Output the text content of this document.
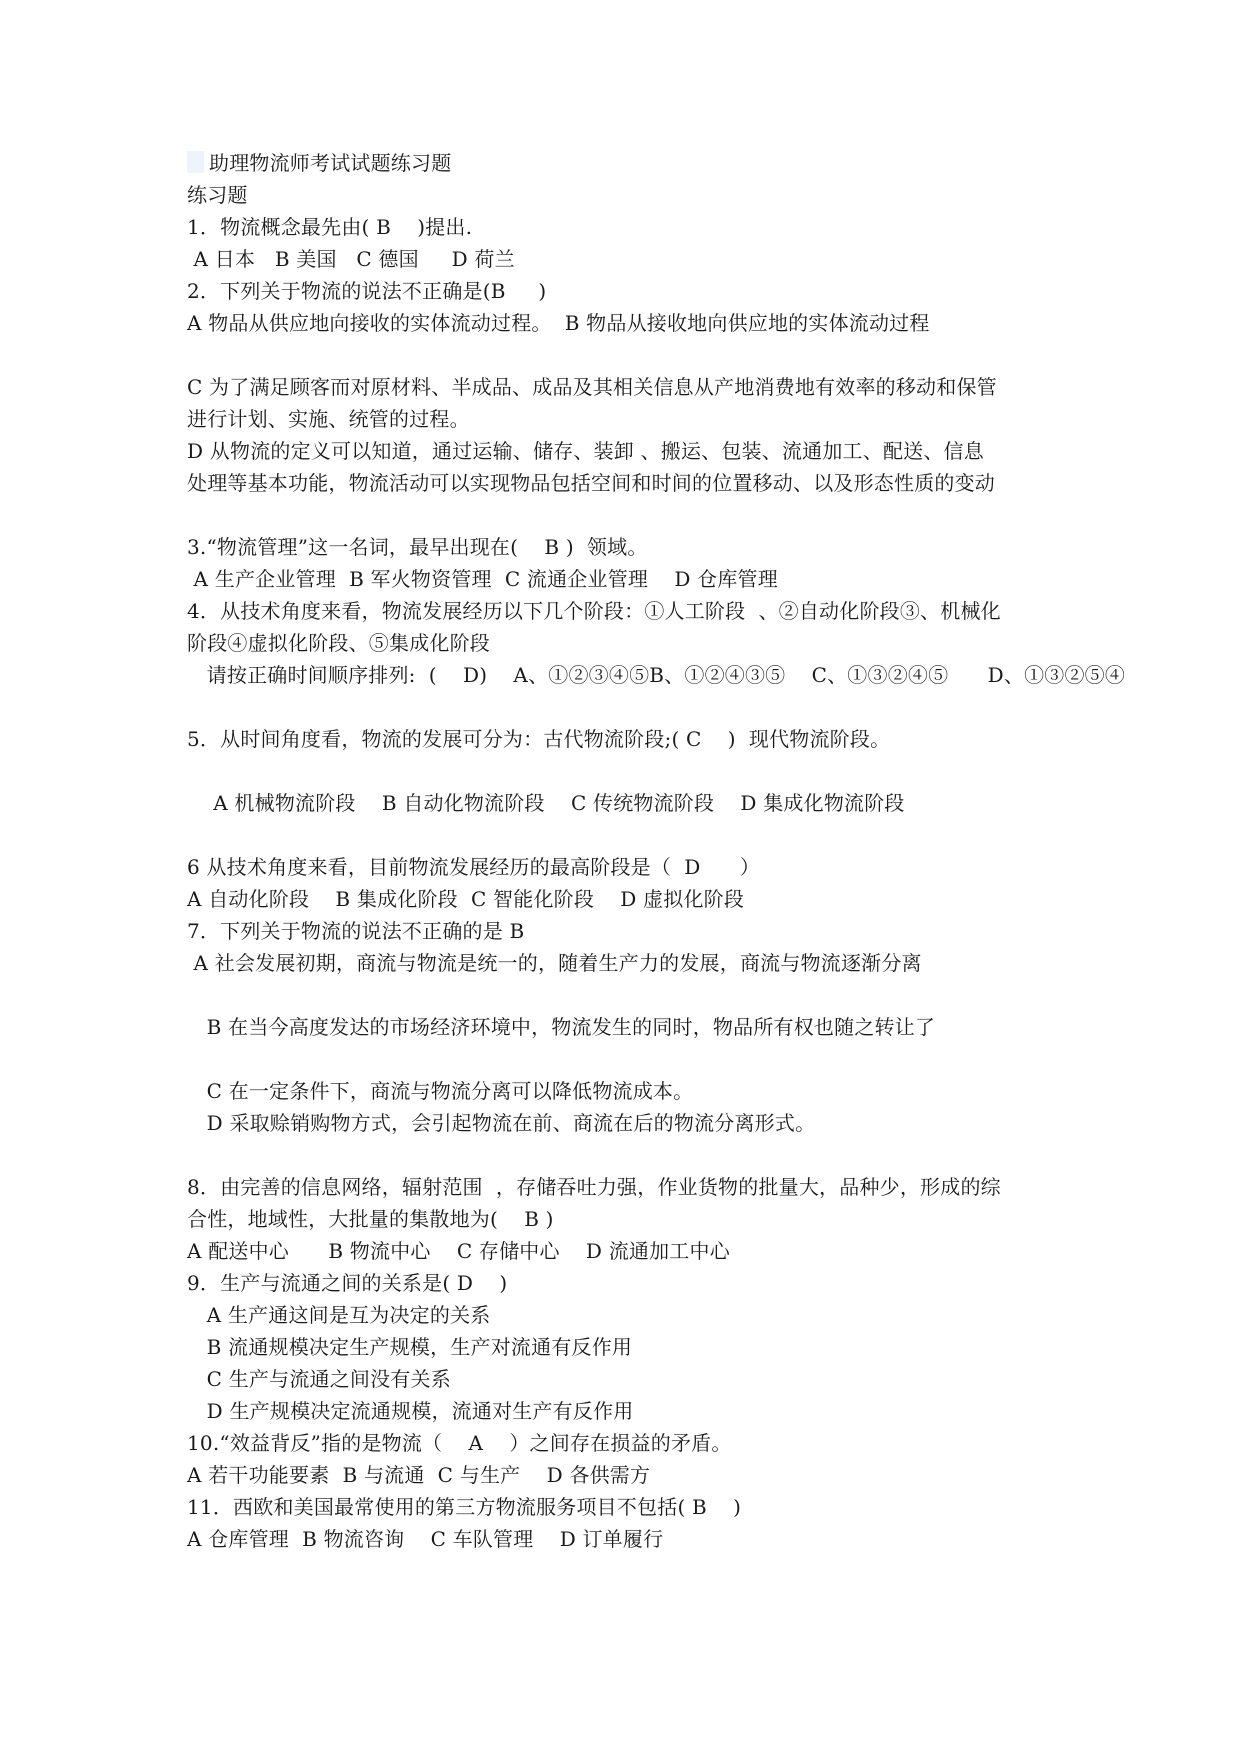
助理物流师考试试题练习题
练习题
1．物流概念最先由( B    )提出.
A 日本   B 美国   C 德国     D 荷兰
2．下列关于物流的说法不正确是(B     )
A 物品从供应地向接收的实体流动过程。  B 物品从接收地向供应地的实体流动过程
C 为了满足顾客而对原材料、半成品、成品及其相关信息从产地消费地有效率的移动和保管
进行计划、实施、统管的过程。
D 从物流的定义可以知道，通过运输、储存、装卸 、搬运、包装、流通加工、配送、信息
处理等基本功能，物流活动可以实现物品包括空间和时间的位置移动、以及形态性质的变动
3.“物流管理”这一名词，最早出现在(    B )  领域。
A 生产企业管理  B 军火物资管理  C 流通企业管理    D 仓库管理
4．从技术角度来看，物流发展经历以下几个阶段：①人工阶段  、②自动化阶段③、机械化
阶段④虚拟化阶段、⑤集成化阶段
请按正确时间顺序排列:  (    D)    A、①②③④⑤B、①②④③⑤    C、①③②④⑤      D、①③②⑤④
5．从时间角度看，物流的发展可分为：古代物流阶段;( C    )  现代物流阶段。
A 机械物流阶段    B 自动化物流阶段    C 传统物流阶段    D 集成化物流阶段
6 从技术角度来看，目前物流发展经历的最高阶段是（  D      ）
A 自动化阶段    B 集成化阶段  C 智能化阶段    D 虚拟化阶段
7．下列关于物流的说法不正确的是 B
A 社会发展初期，商流与物流是统一的，随着生产力的发展，商流与物流逐渐分离
B 在当今高度发达的市场经济环境中，物流发生的同时，物品所有权也随之转让了
C 在一定条件下，商流与物流分离可以降低物流成本。
D 采取赊销购物方式，会引起物流在前、商流在后的物流分离形式。
8．由完善的信息网络，辐射范围  ，存储吞吐力强，作业货物的批量大，品种少，形成的综
合性，地域性，大批量的集散地为(    B )
A 配送中心      B 物流中心    C 存储中心    D 流通加工中心
9．生产与流通之间的关系是( D    )
A 生产通这间是互为决定的关系
B 流通规模决定生产规模，生产对流通有反作用
C 生产与流通之间没有关系
D 生产规模决定流通规模，流通对生产有反作用
10.“效益背反”指的是物流（    A    ）之间存在损益的矛盾。
A 若干功能要素  B 与流通  C 与生产    D 各供需方
11．西欧和美国最常使用的第三方物流服务项目不包括( B    )
A 仓库管理  B 物流咨询    C 车队管理    D 订单履行
